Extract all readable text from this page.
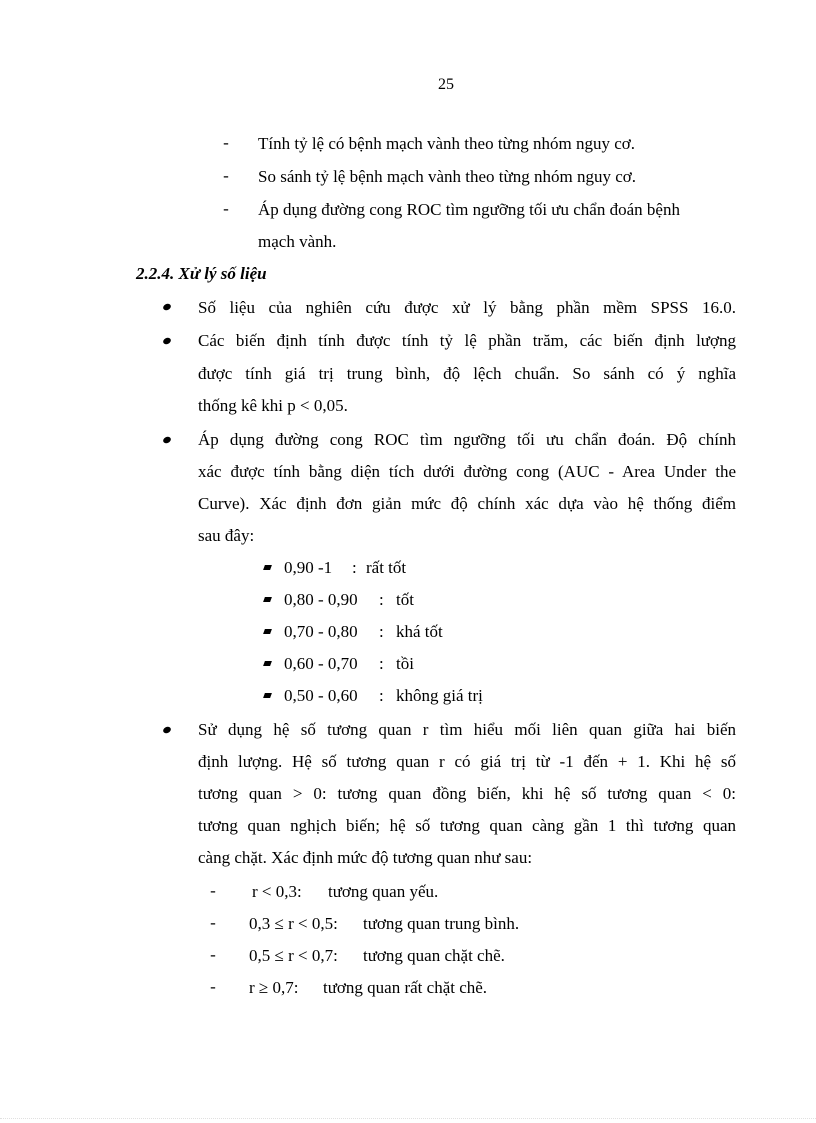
25
- Tính tỷ lệ có bệnh mạch vành theo từng nhóm nguy cơ.
- So sánh tỷ lệ bệnh mạch vành theo từng nhóm nguy cơ.
- Áp dụng đường cong ROC tìm ngưỡng tối ưu chẩn đoán bệnh
mạch vành.
2.2.4. Xử lý số liệu
Số liệu của nghiên cứu được xử lý bằng phần mềm SPSS 16.0.
Các biến định tính được tính tỷ lệ phần trăm, các biến định lượng
được tính giá trị trung bình, độ lệch chuẩn. So sánh có ý nghĩa
thống kê khi p < 0,05.
Áp dụng đường cong ROC tìm ngưỡng tối ưu chẩn đoán. Độ chính
xác được tính bằng diện tích dưới đường cong (AUC - Area Under the
Curve). Xác định đơn giản mức độ chính xác dựa vào hệ thống điểm
sau đây:
0,90 -1 : rất tốt
0,80 - 0,90 : tốt
0,70 - 0,80 : khá tốt
0,60 - 0,70 : tồi
0,50 - 0,60 : không giá trị
Sử dụng hệ số tương quan r tìm hiểu mối liên quan giữa hai biến
định lượng. Hệ số tương quan r có giá trị từ -1 đến + 1. Khi hệ số
tương quan > 0: tương quan đồng biến, khi hệ số tương quan < 0:
tương quan nghịch biến; hệ số tương quan càng gần 1 thì tương quan
càng chặt. Xác định mức độ tương quan như sau:
- r < 0,3: tương quan yếu.
- 0,3 ≤ r < 0,5: tương quan trung bình.
- 0,5 ≤ r < 0,7: tương quan chặt chẽ.
- r ≥ 0,7: tương quan rất chặt chẽ.
